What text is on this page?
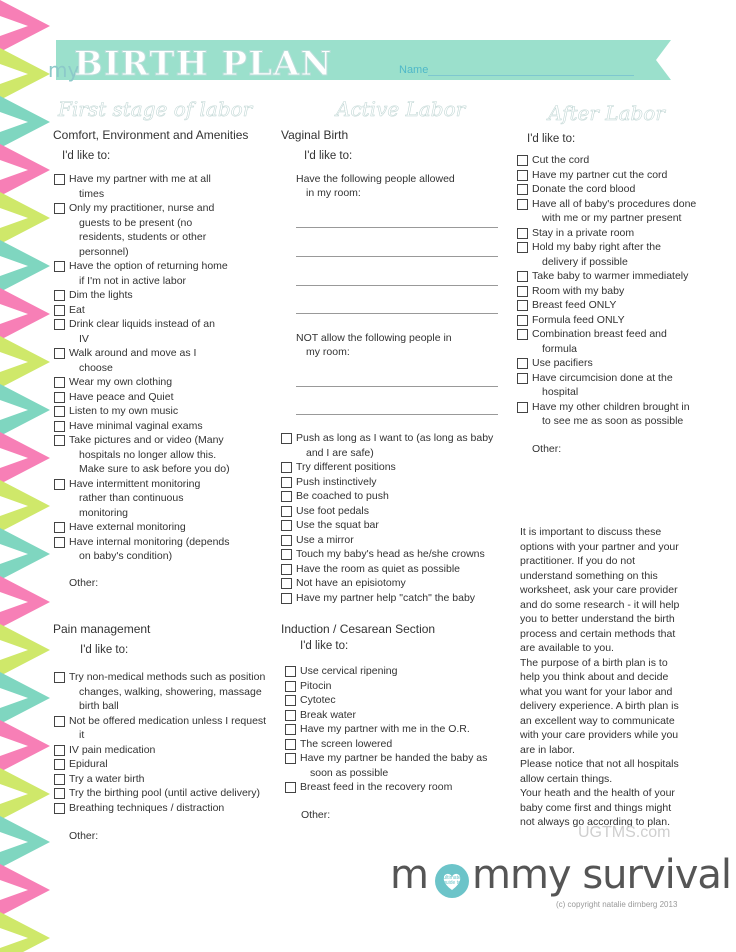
my
BIRTH PLAN	Name
First stage of labor	Active Labor	After Labor
Comfort, Environment and Amenities
I'd like to:
Have my partner with me at all
times
Only my practitioner, nurse and
guests to be present (no
residents, students or other
personnel)
Have the option of returning home
if I'm not in active labor
Dim the lights
Eat
Drink clear liquids instead of an
IV
Walk around and move as I
choose
Wear my own clothing
Have peace and Quiet
Listen to my own music
Have minimal vaginal exams
Take pictures and or video (Many
hospitals no longer allow this.
Make sure to ask before you do)
Have intermittent monitoring
rather than continuous
monitoring
Have external monitoring
Have internal monitoring (depends
on baby's condition)
Other:
Pain management
I'd like to:
Try non-medical methods such as position
changes, walking, showering, massage
birth ball
Not be offered medication unless I request
it
IV pain medication
Epidural
Try a water birth
Try the birthing pool (until active delivery)
Breathing techniques / distraction
Other:
Vaginal Birth
I'd like to:
Have the following people allowed
in my room:
NOT allow the following people in
my room:
Push as long as I want to (as long as baby
and I are safe)
Try different positions
Push instinctively
Be coached to push
Use foot pedals
Use the squat bar
Use a mirror
Touch my baby's head as he/she crowns
Have the room as quiet as possible
Not have an episiotomy
Have my partner help "catch" the baby
Induction / Cesarean Section
I'd like to:
Use cervical ripening
Pitocin
Cytotec
Break water
Have my partner with me in the O.R.
The screen lowered
Have my partner be handed the baby as
soon as possible
Breast feed in the recovery room
Other:
I'd like to:
Cut the cord
Have my partner cut the cord
Donate the cord blood
Have all of baby's procedures done
with me or my partner present
Stay in a private room
Hold my baby right after the
delivery if possible
Take baby to warmer immediately
Room with my baby
Breast feed ONLY
Formula feed ONLY
Combination breast feed and
formula
Use pacifiers
Have circumcision done at the
hospital
Have my other children brought in
to see me as soon as possible
Other:
It is important to discuss these
options with your partner and your
practitioner. If you do not
understand something on this
worksheet, ask your care provider
and do some research - it will help
you to better understand the birth
process and certain methods that
are available to you.
The purpose of a birth plan is to
help you think about and decide
what you want for your labor and
delivery experience. A birth plan is
an excellent way to communicate
with your care providers while you
are in labor.
Please notice that not all hospitals
allow certain things.
Your heath and the health of your
baby come first and things might
not always go according to plan.
UGTMS.com
m	ultimate guide to mmy survival
(c) copyright natalie dirnberg 2013
